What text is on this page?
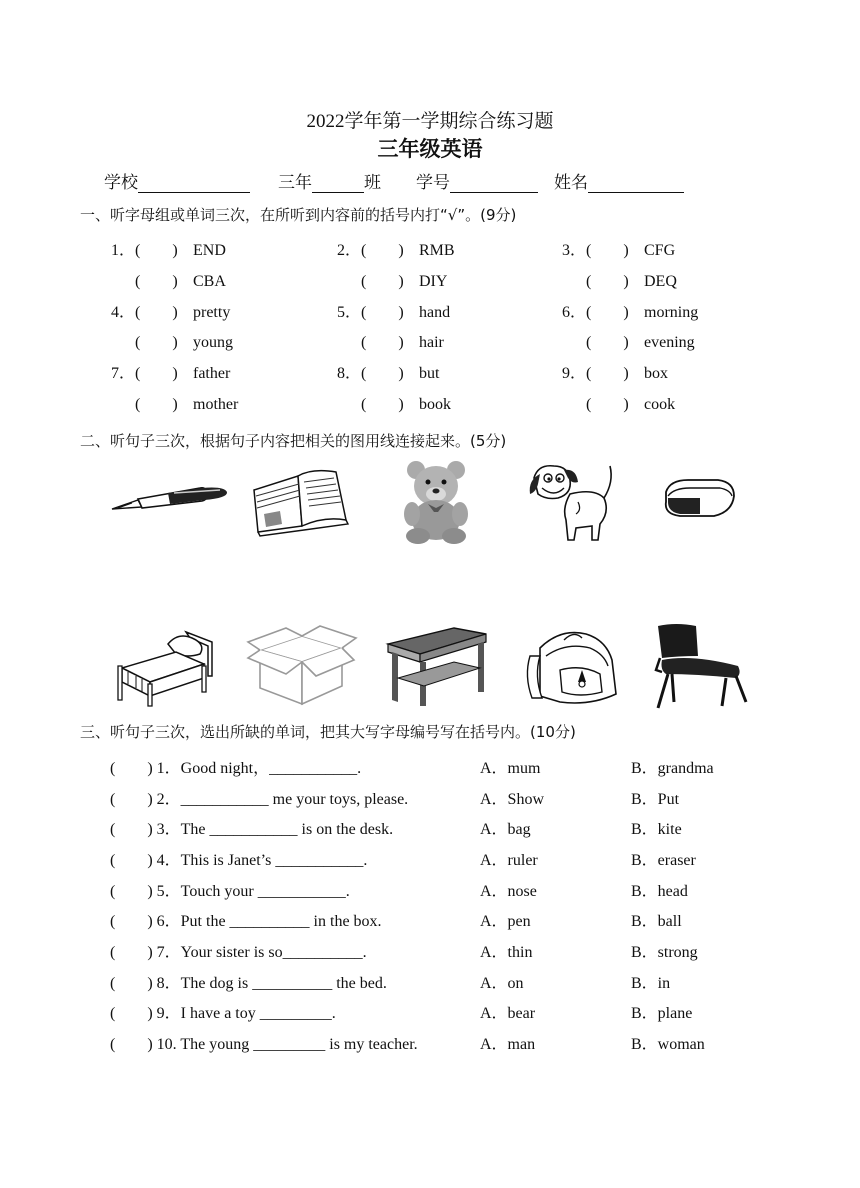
2022学年第一学期综合练习题
三年级英语
学校	三年	班 学号	姓名
一、听字母组或单词三次，在所听到内容前的括号内打“√”。(9分)
1．(　　) END
(　　) CBA
2．(　　) RMB
(　　) DIY
3．(　　) CFG
(　　) DEQ
4．(　　) pretty
(　　) young
5．(　　) hand
(　　) hair
6．(　　) morning
(　　) evening
7．(　　) father
(　　) mother
8．(　　) but
(　　) book
9．(　　) box
(　　) cook
二、听句子三次，根据句子内容把相关的图用线连接起来。(5分)
三、听句子三次，选出所缺的单词，把其大写字母编号写在括号内。(10分)
(　　) 1．Good night，___________.	A．mum	B．grandma
(　　) 2．___________ me your toys, please.	A．Show	B．Put
(　　) 3．The ___________ is on the desk.	A．bag	B．kite
(　　) 4．This is Janet’s ___________.	A．ruler	B．eraser
(　　) 5．Touch your ___________.	A．nose	B．head
(　　) 6．Put the __________ in the box.	A．pen	B．ball
(　　) 7．Your sister is so__________.	A．thin	B．strong
(　　) 8．The dog is __________ the bed.	A．on	B．in
(　　) 9．I have a toy _________.	A．bear	B．plane
(　　) 10. The young _________ is my teacher.	A．man	B．woman
